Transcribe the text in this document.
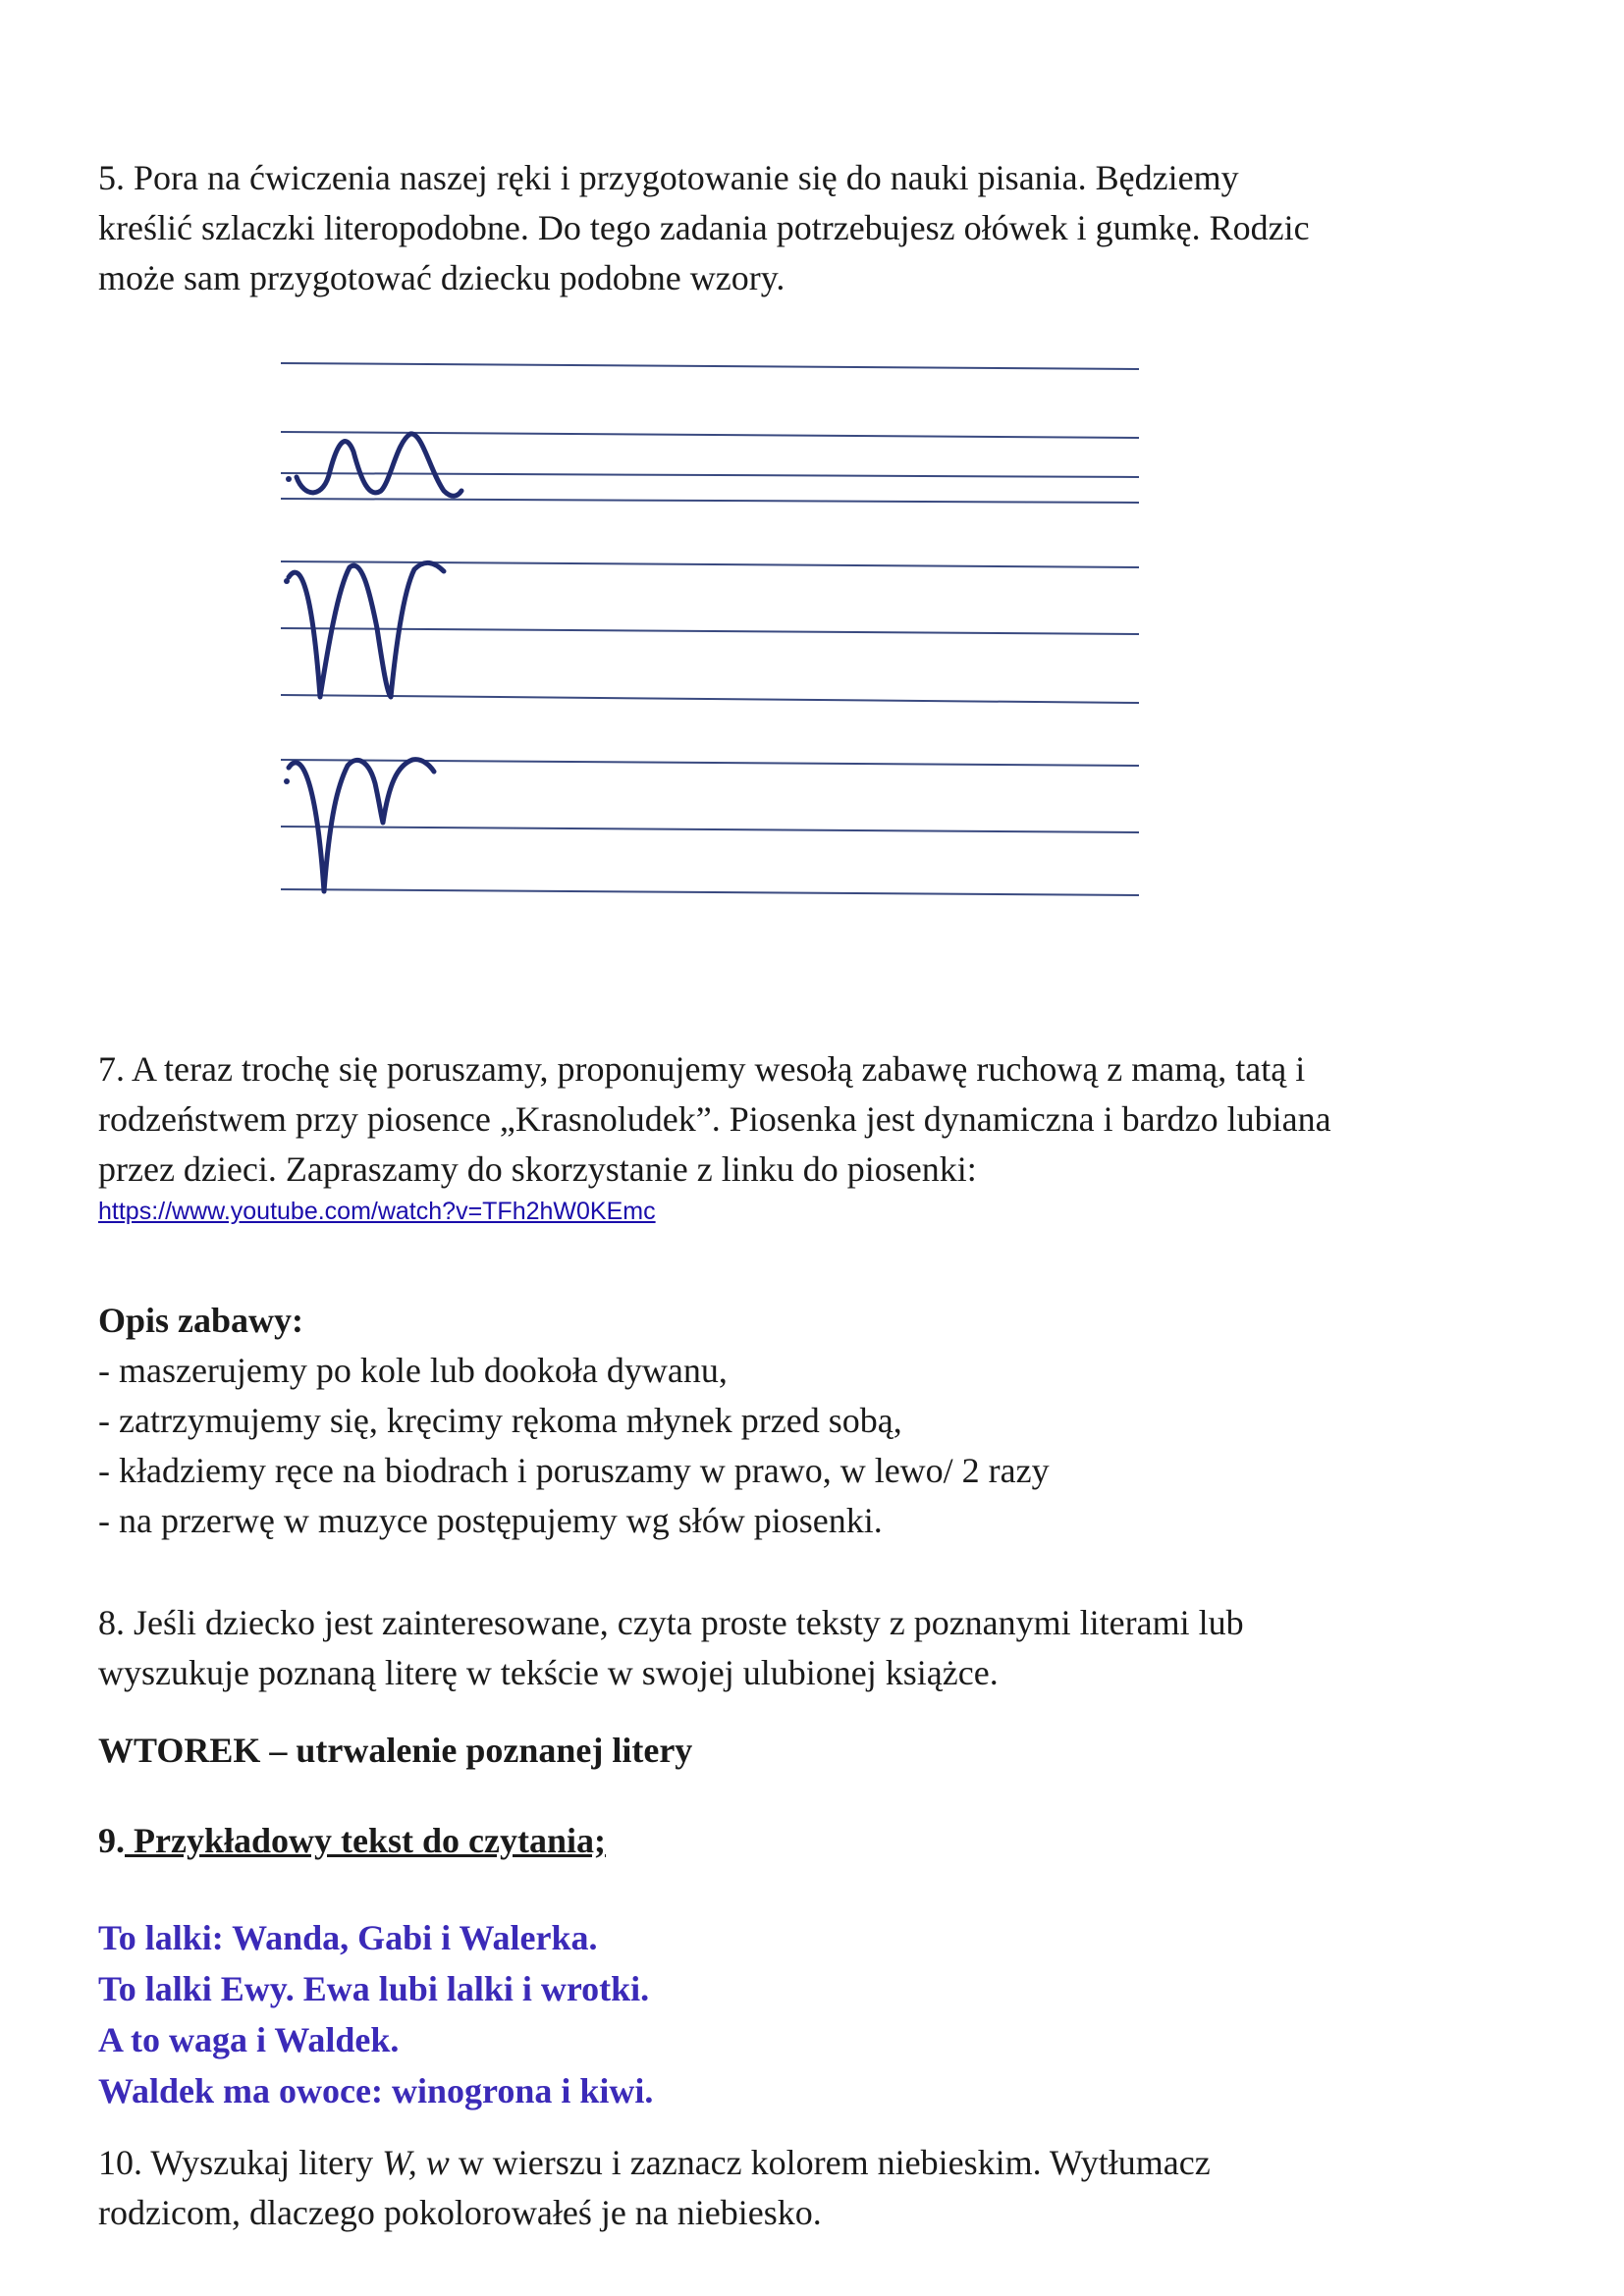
5. Pora na ćwiczenia naszej ręki i przygotowanie się do nauki pisania. Będziemy
kreślić szlaczki literopodobne. Do tego zadania potrzebujesz ołówek i gumkę. Rodzic
może sam przygotować dziecku podobne wzory.
7. A teraz trochę się poruszamy, proponujemy wesołą zabawę ruchową z mamą, tatą i
rodzeństwem przy piosence „Krasnoludek”. Piosenka jest dynamiczna i bardzo lubiana
przez dzieci. Zapraszamy do skorzystanie z linku do piosenki:
https://www.youtube.com/watch?v=TFh2hW0KEmc
Opis zabawy:
- maszerujemy po kole lub dookoła dywanu,
- zatrzymujemy się, kręcimy rękoma młynek przed sobą,
- kładziemy ręce na biodrach i poruszamy w prawo, w lewo/ 2 razy
- na przerwę w muzyce postępujemy wg słów piosenki.
8. Jeśli dziecko jest zainteresowane, czyta proste teksty z poznanymi literami lub
wyszukuje poznaną literę w tekście w swojej ulubionej książce.
WTOREK – utrwalenie poznanej litery
9. Przykładowy tekst do czytania;
To lalki: Wanda, Gabi i Walerka.
To lalki Ewy. Ewa lubi lalki i wrotki.
A to waga i Waldek.
Waldek ma owoce: winogrona i kiwi.
10. Wyszukaj litery W, w w wierszu i zaznacz kolorem niebieskim. Wytłumacz
rodzicom, dlaczego pokolorowałeś je na niebiesko.
